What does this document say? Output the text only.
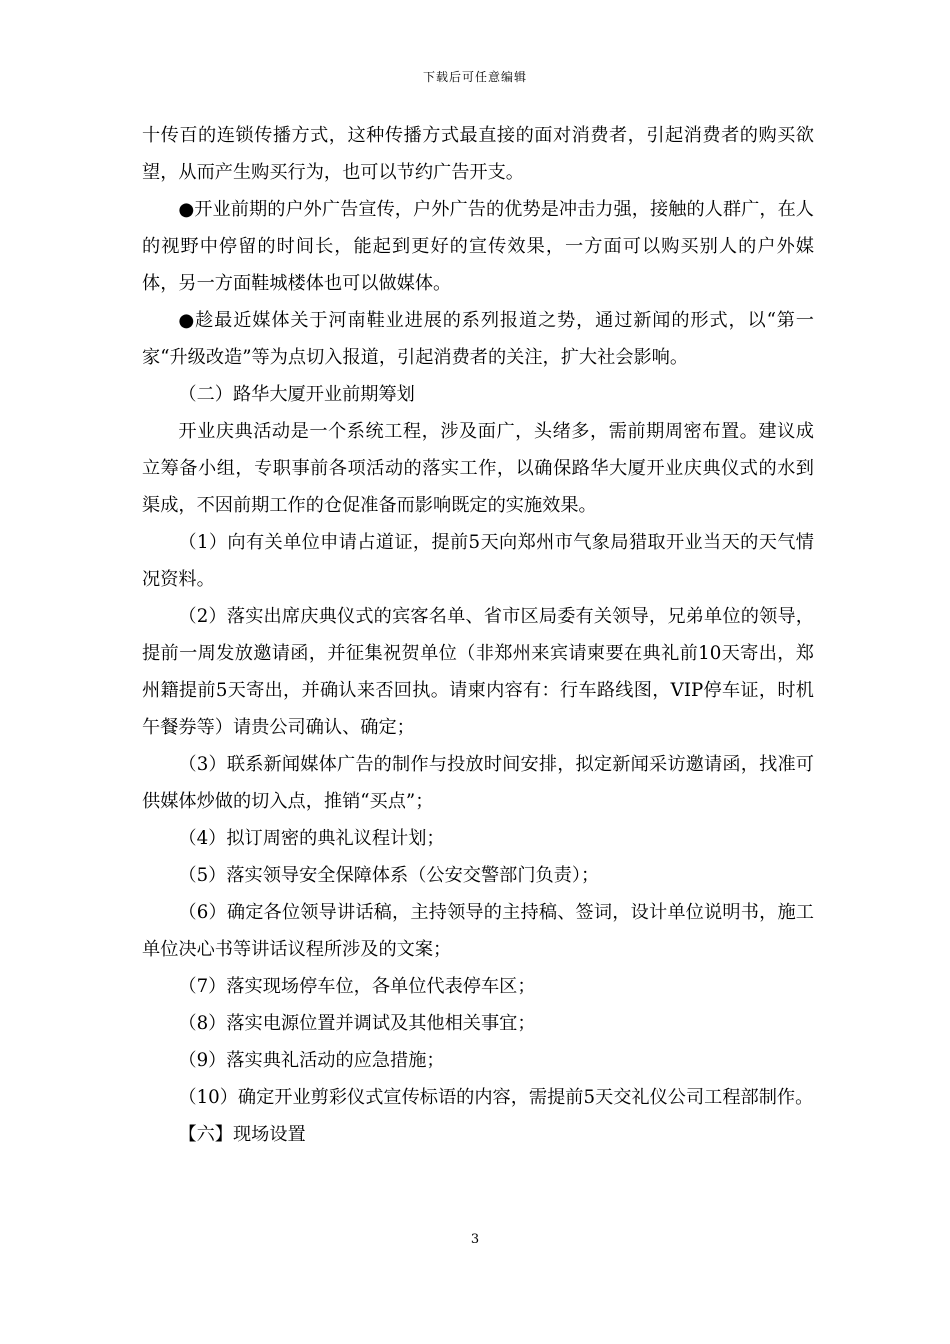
下载后可任意编辑

十传百的连锁传播方式，这种传播方式最直接的面对消费者，引起消费者的购买欲望，从而产生购买行为，也可以节约广告开支。

●开业前期的户外广告宣传，户外广告的优势是冲击力强，接触的人群广，在人的视野中停留的时间长，能起到更好的宣传效果，一方面可以购买别人的户外媒体，另一方面鞋城楼体也可以做媒体。

●趁最近媒体关于河南鞋业进展的系列报道之势，通过新闻的形式，以“第一家“升级改造”等为点切入报道，引起消费者的关注，扩大社会影响。

（二）路华大厦开业前期筹划

开业庆典活动是一个系统工程，涉及面广，头绪多，需前期周密布置。建议成立筹备小组，专职事前各项活动的落实工作，以确保路华大厦开业庆典仪式的水到渠成，不因前期工作的仓促准备而影响既定的实施效果。

（1）向有关单位申请占道证，提前5天向郑州市气象局猎取开业当天的天气情况资料。

（2）落实出席庆典仪式的宾客名单、省市区局委有关领导，兄弟单位的领导，提前一周发放邀请函，并征集祝贺单位（非郑州来宾请柬要在典礼前10天寄出，郑州籍提前5天寄出，并确认来否回执。请柬内容有：行车路线图，VIP停车证，时机午餐券等）请贵公司确认、确定；

（3）联系新闻媒体广告的制作与投放时间安排，拟定新闻采访邀请函，找准可供媒体炒做的切入点，推销“买点”；

（4）拟订周密的典礼议程计划；

（5）落实领导安全保障体系（公安交警部门负责）；

（6）确定各位领导讲话稿，主持领导的主持稿、签词，设计单位说明书，施工单位决心书等讲话议程所涉及的文案；

（7）落实现场停车位，各单位代表停车区；

（8）落实电源位置并调试及其他相关事宜；

（9）落实典礼活动的应急措施；

（10）确定开业剪彩仪式宣传标语的内容，需提前5天交礼仪公司工程部制作。

【六】现场设置

3
